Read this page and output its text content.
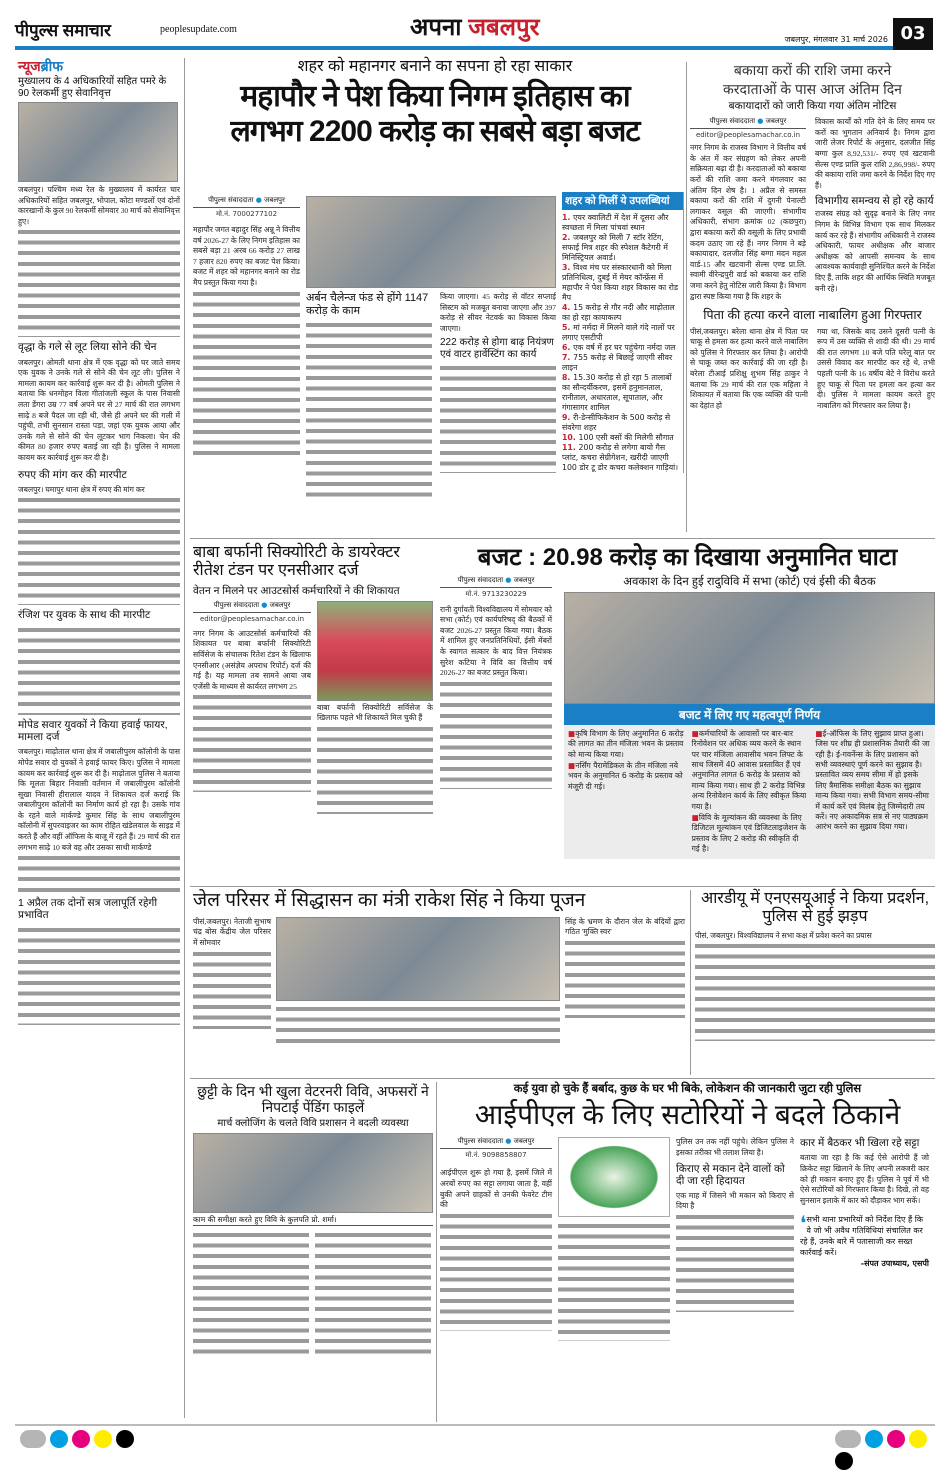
पीपुल्स समाचार	peoplesupdate.com	अपना जबलपुर	जबलपुर, मंगलवार 31 मार्च 2026 03
न्यूजब्रीफ
मुख्यालय के 4 अधिकारियों सहित पमरे के 90 रेलकर्मी हुए सेवानिवृत्त

जबलपुर। पश्चिम मध्य रेल के मुख्यालय में कार्यरत चार अधिकारियों सहित जबलपुर, भोपाल, कोटा मण्डलों एवं दोनों कारखानों के कुल 90 रेलकर्मी सोमवार 30 मार्च को सेवानिवृत्त हुए।

वृद्धा के गले से लूट लिया सोने की चेन

जबलपुर। ओमती थाना क्षेत्र में एक वृद्धा को घर जाते समय एक युवक ने उनके गले से सोने की चेन लूट ली। पुलिस ने मामला कायम कर कार्रवाई शुरू कर दी है। ओमती पुलिस ने बताया कि धनमोहन विला गीतांजली स्कूल के पास निवासी लता डेंगरा उम्र 77 वर्ष अपने घर से 27 मार्च की रात लगभग साढ़े 8 बजे पैदल जा रही थी, जैसे ही अपने घर की गली में पहुंची, तभी सुनसान रास्ता पड़ा, जहां एक युवक आया और उनके गले से सोने की चेन लूटकर भाग निकला। चेन की कीमत 80 हजार रुपए बताई जा रही है। पुलिस ने मामला कायम कर कार्रवाई शुरू कर दी है।

रुपए की मांग कर की मारपीट

जबलपुर। घमापुर थाना क्षेत्र में रुपए की मांग कर

रंजिश पर युवक के साथ की मारपीट
मोपेड सवार युवकों ने किया हवाई फायर, मामला दर्ज

जबलपुर। माढ़ोताल थाना क्षेत्र में जबालीपुरम कॉलोनी के पास मोपेड सवार दो युवकों ने हवाई फायर किए। पुलिस ने मामला कायम कर कार्रवाई शुरू कर दी है। माढ़ोताल पुलिस ने बताया कि मूलतः बिहार निवासी वर्तमान में जबालीपुरम कॉलोनी सूखा निवासी हीरालाल यादव ने शिकायत दर्ज कराई कि जबालीपुरम कॉलोनी का निर्माण कार्य हो रहा है। उसके गांव के रहने वाले मार्कण्डे कुमार सिंह के साथ जबालीपुरम कॉलोनी में सुपरवाइजर का काम रोहित खंडेलवाल के साइड में करते हैं और वहीं ऑफिस के बाजू में रहते हैं। 29 मार्च की रात लगभग साढ़े 10 बजे वह और उसका साथी मार्कण्डे

1 अप्रैल तक दोनों सत्र जलापूर्ति रहेगी प्रभावित
शहर को महानगर बनाने का सपना हो रहा साकार
महापौर ने पेश किया निगम इतिहास का
लगभग 2200 करोड़ का सबसे बड़ा बजट
पीपुल्स संवाददाता ● जबलपुर
मो.नं. 7000277102

महापौर जगत बहादुर सिंह अन्नू ने वित्तीय वर्ष 2026-27 के लिए निगम इतिहास का सबसे बड़ा 21 अरब 66 करोड़ 27 लाख 7 हजार 820 रुपए का बजट पेश किया। बजट में शहर को महानगर बनाने का रोड मैप प्रस्तुत किया गया है।

अर्बन चैलेन्ज फंड से होंगे 1147 करोड़ के काम

किया जाएगा। 45 करोड़ से वॉटर सप्लाई सिस्टम को मजबूत बनाया जाएगा और 397 करोड़ से सीवर नेटवर्क का विकास किया जाएगा।

222 करोड़ से होगा बाढ़ नियंत्रण एवं वाटर हार्वेस्टिंग का कार्य
शहर को मिलीं ये उपलब्धियां
1. एयर क्वालिटी में देश में दूसरा और स्वच्छता में मिला पांचवां स्थान
2. जबलपुर को मिली 7 स्टॉर रेटिंग, सफाई मित्र शहर की स्पेशल कैटेगरी में मिनिस्ट्रियल अवार्ड।
3. विश्व मंच पर संस्कारधानी को मिला प्रतिनिधित्व, दुबई में मेयर कॉन्फ्रेंस में महापौर ने पेश किया शहर विकास का रोड मैप
4. 15 करोड़ से गौर नदी और माढ़ोताल का हो रहा कायाकल्प
5. मां नर्मदा में मिलने वाले गंदे नालों पर लगाए एसटीपी
6. एक वर्ष में हर घर पहुंचेगा नर्मदा जल
7. 755 करोड़ से बिछाई जाएगी सीवर लाइन
8. 15.30 करोड़ से हो रहा 5 तालाबों का सौन्दर्यीकरण, इसमें हनुमानताल, रानीताल, अधारताल, सूपाताल, और गंगासागर शामिल
9. री-डेन्सीफिकेशन के 500 करोड़ से संवरेगा शहर
10. 100 एसी बसों की मिलेगी सौगात
11. 200 करोड़ से लगेगा बायो गैस प्लांट, कचरा सेग्रीगेशन, खरीदी जाएगी 100 डोर टू डोर कचरा कलेक्शन गाड़ियां।
बकाया करों की राशि जमा करने
करदाताओं के पास आज अंतिम दिन
बकायादारों को जारी किया गया अंतिम नोटिस
पीपुल्स संवाददाता ● जबलपुर
editor@peoplesamachar.co.in

नगर निगम के राजस्व विभाग ने वित्तीय वर्ष के अंत में कर संग्रहण को लेकर अपनी सक्रियता बढ़ा दी है। करदाताओं को बकाया करों की राशि जमा करने मंगलवार का अंतिम दिन शेष है। 1 अप्रैल से समस्त बकाया करों की राशि में दुगनी पेनाल्टी लगाकर वसूल की जाएगी। संभागीय अधिकारी, संभाग क्रमांक 02 (कछपुरा) द्वारा बकाया करों की वसूली के लिए प्रभावी कदम उठाए जा रहे हैं। नगर निगम ने बड़े बकायादार, दलजीत सिंह बग्गा मदन महल वार्ड-15 और खटवानी सेल्स एण्ड प्रा.लि. स्वामी वीरेन्द्रपुरी वार्ड को बकाया कर राशि जमा करने हेतु नोटिस जारी किया है। विभाग द्वारा स्पष्ट किया गया है कि शहर के

विकास कार्यों को गति देने के लिए समय पर करों का भुगतान अनिवार्य है। निगम द्वारा जारी लेजर रिपोर्ट के अनुसार, दलजीत सिंह बग्गा कुल 8,92,531/- रुपए एवं खटवानी सेल्स एण्ड प्रालि कुल राशि 2,86,998/- रुपए की बकाया राशि जमा करने के निर्देश दिए गए हैं।

विभागीय समन्वय से हो रहे कार्य

राजस्व संग्रह को सुदृढ़ बनाने के लिए नगर निगम के विभिन्न विभाग एक साथ मिलकर कार्य कर रहे हैं। संभागीय अधिकारी ने राजस्व अधिकारी, फायर अधीक्षक और बाजार अधीक्षक को आपसी समन्वय के साथ आवश्यक कार्यवाही सुनिश्चित करने के निर्देश दिए हैं, ताकि शहर की आर्थिक स्थिति मजबूत बनी रहे।

पिता की हत्या करने वाला नाबालिग हुआ गिरफ्तार
पीसं,जबलपुर। बरेला थाना क्षेत्र में पिता पर चाकू से हमला कर हत्या करने वाले नाबालिग को पुलिस ने गिरफ्तार कर लिया है। आरोपी से चाकू जब्त कर कार्रवाई की जा रही है। बरेला टीआई प्रशिक्षु शुभम सिंह ठाकुर ने बताया कि 29 मार्च की रात एक महिला ने शिकायत में बताया कि एक व्यक्ति की पत्नी का देहांत हो
गया था, जिसके बाद उसने दूसरी पत्नी के रूप में उस व्यक्ति से शादी की थी। 29 मार्च की रात लगभग 10 बजे पति घरेलू बात पर उससे विवाद कर मारपीट कर रहे थे, तभी पहली पत्नी के 16 वर्षीय बेटे ने विरोध करते हुए चाकू से पिता पर हमला कर हत्या कर दी। पुलिस ने मामला कायम करते हुए नाबालिग को गिरफ्तार कर लिया है।
बाबा बर्फानी सिक्योरिटी के डायरेक्टर रीतेश टंडन पर एनसीआर दर्ज
वेतन न मिलने पर आउटसोर्स कर्मचारियों ने की शिकायत
पीपुल्स संवाददाता ● जबलपुर
editor@peoplesamachar.co.in

नगर निगम के आउटसोर्स कर्मचारियों की शिकायत पर बाबा बर्फानी सिक्योरिटी सर्विसेज के संचालक रितेश टंडन के खिलाफ एनसीआर (असंज्ञेय अपराध रिपोर्ट) दर्ज की गई है। यह मामला तब सामने आया जब एजेंसी के माध्यम से कार्यरत लगभग 25

बाबा बर्फानी सिक्योरिटी सर्विसेज के खिलाफ पहले भी शिकायतें मिल चुकी हैं

बजट : 20.98 करोड़ का दिखाया अनुमानित घाटा
पीपुल्स संवाददाता ● जबलपुर
मो.नं. 9713230229

रानी दुर्गावती विश्वविद्यालय में सोमवार को सभा (कोर्ट) एवं कार्यपरिषद् की बैठकों में बजट 2026-27 प्रस्तुत किया गया। बैठक में शामिल हुए जनप्रतिनिधियों, ईसी मेंबरों के स्वागत सत्कार के बाद वित्त नियंत्रक सुरेश कटिया ने विवि का वित्तीय वर्ष 2026-27 का बजट प्रस्तुत किया।

अवकाश के दिन हुई रादुविवि में सभा (कोर्ट) एवं ईसी की बैठक
बजट में लिए गए महत्वपूर्ण निर्णय
■ कृषि विभाग के लिए अनुमानित 6 करोड़ की लागत का तीन मंजिला भवन के प्रस्ताव को मान्य किया गया।
■ नर्सिंग पैरामेडिकल के तीन मंजिला नये भवन के अनुमानित 6 करोड़ के प्रस्ताव को मंजूरी दी गई।
■ कर्मचारियों के आवासों पर बार-बार रिनोवेशन पर अधिक व्यय करने के स्थान पर चार मंजिला आवासीय भवन लिफ्ट के साथ जिसमें 40 आवास प्रस्तावित हैं एवं अनुमानित लागत 6 करोड़ के प्रस्ताव को मान्य किया गया। साथ ही 2 करोड़ विभिन्न अन्य रिनोवेशन कार्य के लिए स्वीकृत किया गया है।
■ विवि के मूल्यांकन की व्यवस्था के लिए डिजिटल मूल्यांकन एवं डिजिटलाइजेशन के प्रस्ताव के लिए 2 करोड़ की स्वीकृति दी गई है।
■ ई-ऑफिस के लिए सुझाव प्राप्त हुआ। जिस पर शीघ्र ही प्रशासनिक तैयारी की जा रही है। ई-गवर्नेन्स के लिए प्रशासन को सभी व्यवस्थाएं पूर्ण करने का सुझाव है। प्रस्तावित व्यय समय सीमा में हो इसके लिए त्रैमासिक समीक्षा बैठक का सुझाव मान्य किया गया। सभी विभाग समय-सीमा में कार्य करें एवं विलंब हेतु जिम्मेदारी तय करें। नए अकादमिक सत्र से नए पाठ्यक्रम आरंभ करने का सुझाव दिया गया।
जेल परिसर में सिद्धासन का मंत्री राकेश सिंह ने किया पूजन

पीसं,जबलपुर। नेताजी सुभाष चंद्र बोस केंद्रीय जेल परिसर में सोमवार

सिंह के भ्रमण के दौरान जेल के बंदियों द्वारा गठित 'मुक्ति स्वर'

आरडीयू में एनएसयूआई ने किया प्रदर्शन, पुलिस से हुई झड़प

पीसं, जबलपुर। विश्वविद्यालय ने सभा कक्ष में प्रवेश करने का प्रयास

छुट्टी के दिन भी खुला वेटरनरी विवि, अफसरों ने निपटाई पेंडिंग फाइलें
मार्च क्लोजिंग के चलते विवि प्रशासन ने बदली व्यवस्था
काम की समीक्षा करते हुए विवि के कुलपति प्रो. शर्मा।
कई युवा हो चुके हैं बर्बाद, कुछ के घर भी बिके, लोकेशन की जानकारी जुटा रही पुलिस
आईपीएल के लिए सटोरियों ने बदले ठिकाने
पीपुल्स संवाददाता ● जबलपुर
मो.नं. 9098858807

आईपीएल शुरू हो गया है, इसमें जिले में अरबों रुपए का सट्टा लगाया जाता है, वहीं बुकी अपने ग्राहकों से उनकी फेवरेट टीम की

पुलिस उन तक नहीं पहुंचे। लेकिन पुलिस ने इसका तरीका भी तलाश लिया है।

किराए से मकान देने वालों को दी जा रही हिदायत

एक माह में जिसने भी मकान को किराए से दिया है

कार में बैठकर भी खिला रहे सट्टा

बताया जा रहा है कि कई ऐसे आरोपी हैं जो क्रिकेट सट्टा खिलाने के लिए अपनी लक्जरी कार को ही मकान बनाए हुए हैं। पुलिस ने पूर्व में भी ऐसे सटोरियों को गिरफ्तार किया है। दिखे, तो वह सुनसान इलाके में कार को दौड़ाकर भाग सकें।

❛ सभी थाना प्रभारियों को निर्देश दिए हैं कि वे जो भी अवैध गतिविधियां संचालित कर रहे हैं, उनके बारे में पतासाजी कर सख्त कार्रवाई करें।
-संपत उपाध्याय, एसपी
